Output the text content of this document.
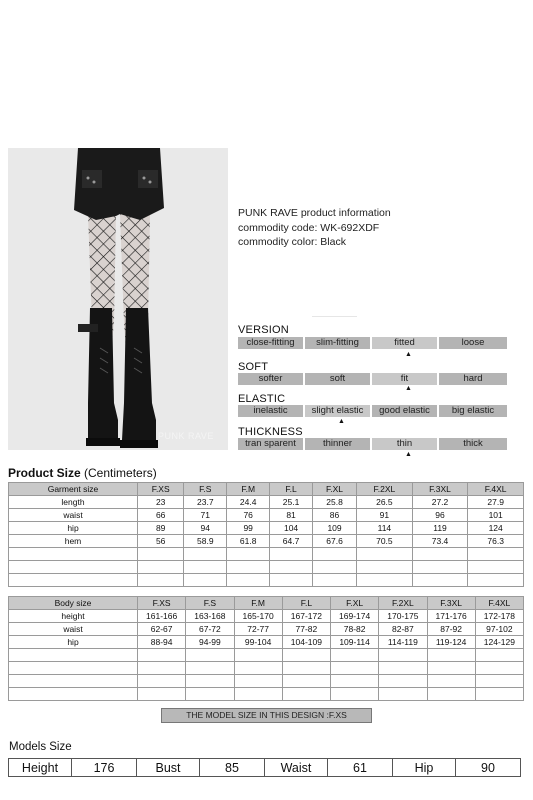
PUNK RAVE
PUNK RAVE product information
commodity code: WK-692XDF
commodity color: Black
VERSION
close-fitting	slim-fitting	fitted	loose
▲
SOFT
softer	soft	fit	hard
▲
ELASTIC
inelastic	slight elastic	good elastic	big elastic
▲
THICKNESS
tran sparent	thinner	thin	thick
▲
Product Size (Centimeters)
Garment size	F.XS	F.S	F.M	F.L	F.XL	F.2XL	F.3XL	F.4XL
length	23	23.7	24.4	25.1	25.8	26.5	27.2	27.9
waist	66	71	76	81	86	91	96	101
hip	89	94	99	104	109	114	119	124
hem	56	58.9	61.8	64.7	67.6	70.5	73.4	76.3

Body size	F.XS	F.S	F.M	F.L	F.XL	F.2XL	F.3XL	F.4XL
height	161-166	163-168	165-170	167-172	169-174	170-175	171-176	172-178
waist	62-67	67-72	72-77	77-82	78-82	82-87	87-92	97-102
hip	88-94	94-99	99-104	104-109	109-114	114-119	119-124	124-129

THE MODEL SIZE IN THIS DESIGN :F.XS
Models Size
Height	176	Bust	85	Waist	61	Hip	90
